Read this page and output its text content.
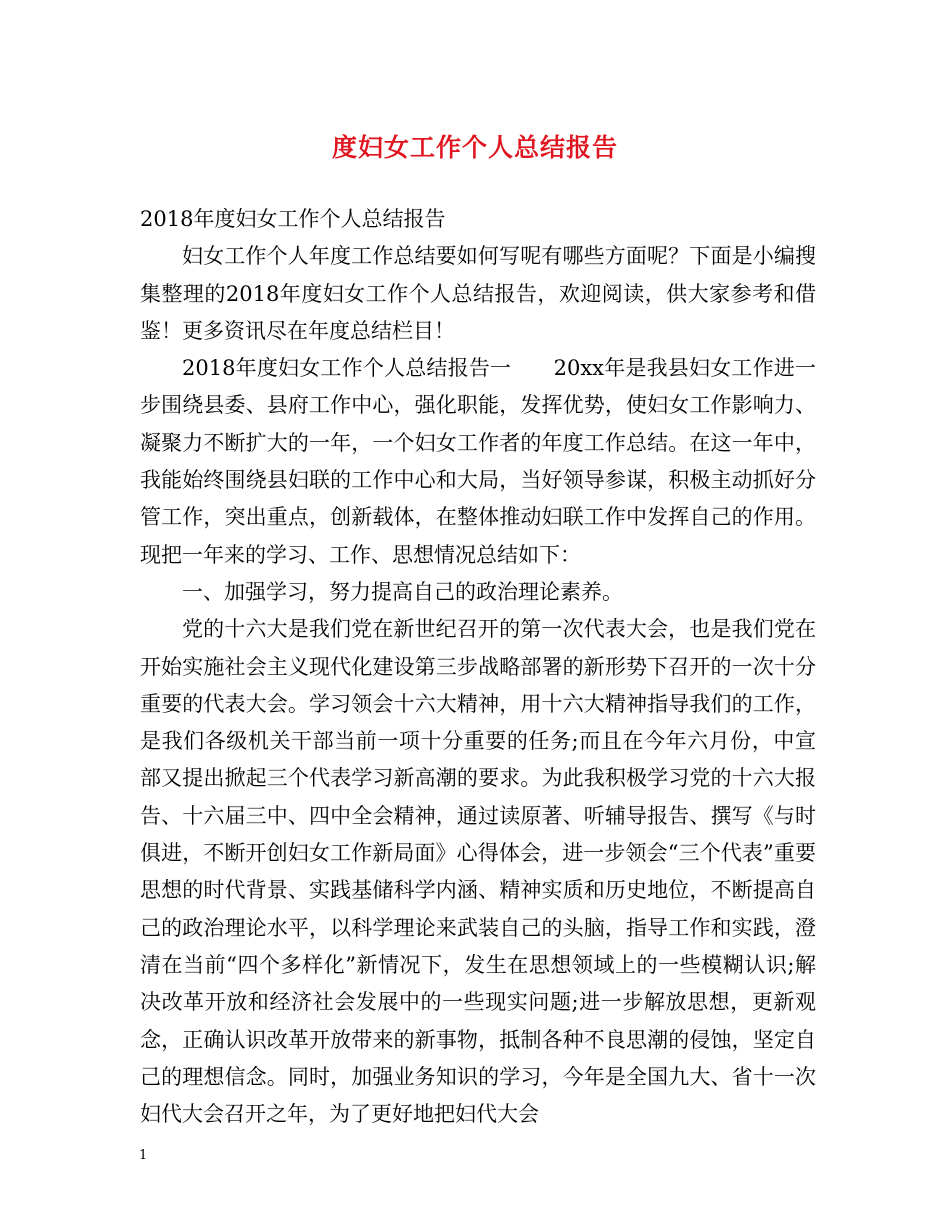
度妇女工作个人总结报告

2018年度妇女工作个人总结报告

妇女工作个人年度工作总结要如何写呢有哪些方面呢？下面是小编搜集整理的2018年度妇女工作个人总结报告，欢迎阅读，供大家参考和借鉴！更多资讯尽在年度总结栏目！

2018年度妇女工作个人总结报告一　　20xx年是我县妇女工作进一步围绕县委、县府工作中心，强化职能，发挥优势，使妇女工作影响力、凝聚力不断扩大的一年，一个妇女工作者的年度工作总结。在这一年中，我能始终围绕县妇联的工作中心和大局，当好领导参谋，积极主动抓好分管工作，突出重点，创新载体，在整体推动妇联工作中发挥自己的作用。现把一年来的学习、工作、思想情况总结如下：

一、加强学习，努力提高自己的政治理论素养。

党的十六大是我们党在新世纪召开的第一次代表大会，也是我们党在开始实施社会主义现代化建设第三步战略部署的新形势下召开的一次十分重要的代表大会。学习领会十六大精神，用十六大精神指导我们的工作，是我们各级机关干部当前一项十分重要的任务;而且在今年六月份，中宣部又提出掀起三个代表学习新高潮的要求。为此我积极学习党的十六大报告、十六届三中、四中全会精神，通过读原著、听辅导报告、撰写《与时俱进，不断开创妇女工作新局面》心得体会，进一步领会“三个代表”重要思想的时代背景、实践基储科学内涵、精神实质和历史地位，不断提高自己的政治理论水平，以科学理论来武装自己的头脑，指导工作和实践，澄清在当前“四个多样化”新情况下，发生在思想领域上的一些模糊认识;解决改革开放和经济社会发展中的一些现实问题;进一步解放思想，更新观念，正确认识改革开放带来的新事物，抵制各种不良思潮的侵蚀，坚定自己的理想信念。同时，加强业务知识的学习，今年是全国九大、省十一次妇代大会召开之年，为了更好地把妇代大会

1
